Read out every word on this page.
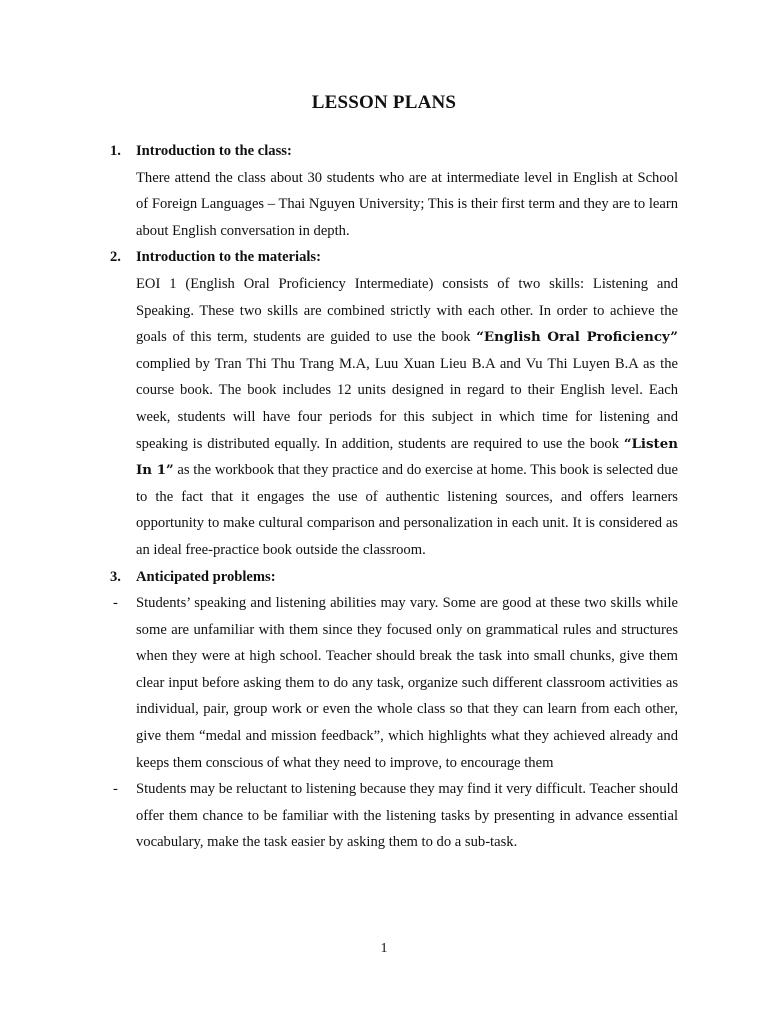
LESSON PLANS
1. Introduction to the class:
There attend the class about 30 students who are at intermediate level in English at School of Foreign Languages – Thai Nguyen University; This is their first term and they are to learn about English conversation in depth.
2. Introduction to the materials:
EOI 1 (English Oral Proficiency Intermediate) consists of two skills: Listening and Speaking. These two skills are combined strictly with each other. In order to achieve the goals of this term, students are guided to use the book “English Oral Proficiency” complied by Tran Thi Thu Trang M.A, Luu Xuan Lieu B.A and Vu Thi Luyen B.A as the course book. The book includes 12 units designed in regard to their English level. Each week, students will have four periods for this subject in which time for listening and speaking is distributed equally. In addition, students are required to use the book “Listen In 1” as the workbook that they practice and do exercise at home. This book is selected due to the fact that it engages the use of authentic listening sources, and offers learners opportunity to make cultural comparison and personalization in each unit. It is considered as an ideal free-practice book outside the classroom.
3. Anticipated problems:
- Students’ speaking and listening abilities may vary. Some are good at these two skills while some are unfamiliar with them since they focused only on grammatical rules and structures when they were at high school. Teacher should break the task into small chunks, give them clear input before asking them to do any task, organize such different classroom activities as individual, pair, group work or even the whole class so that they can learn from each other, give them “medal and mission feedback”, which highlights what they achieved already and keeps them conscious of what they need to improve, to encourage them
- Students may be reluctant to listening because they may find it very difficult. Teacher should offer them chance to be familiar with the listening tasks by presenting in advance essential vocabulary, make the task easier by asking them to do a sub-task.
1
